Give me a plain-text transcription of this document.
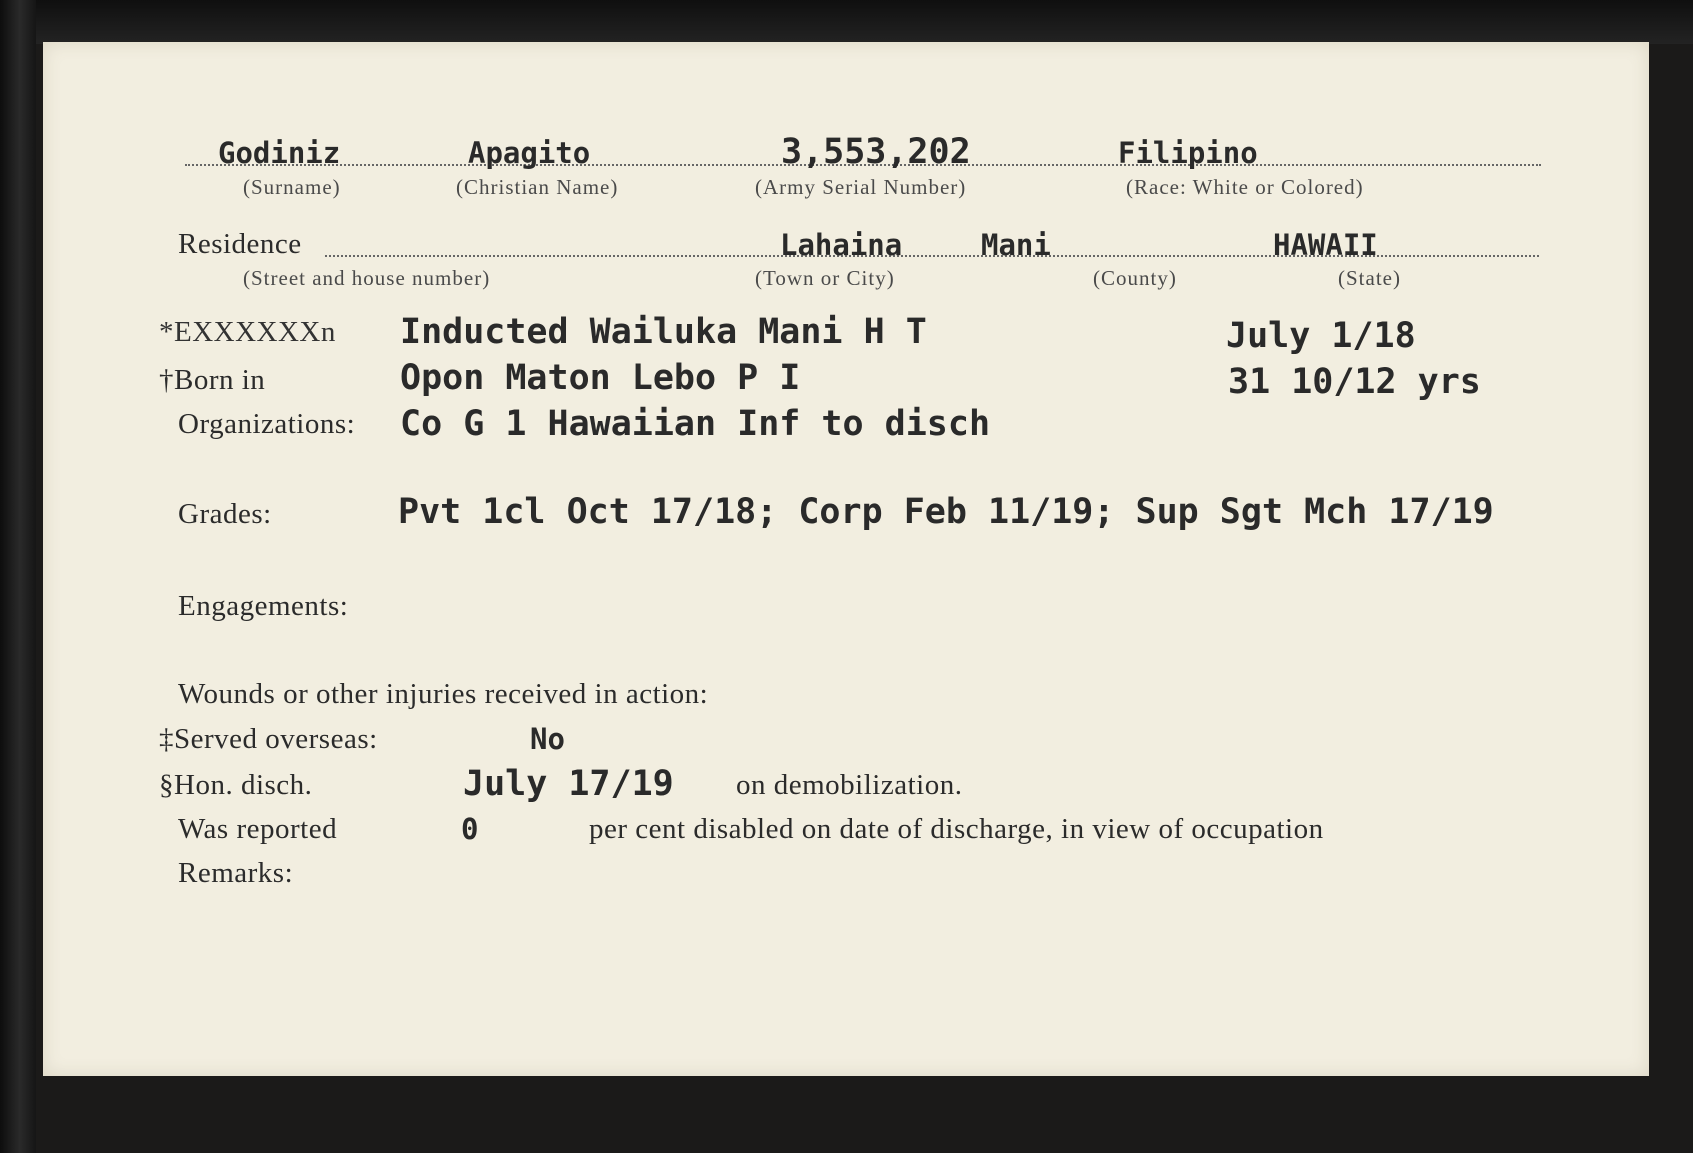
Godiniz	Apagito	3,553,202	Filipino
(Surname)	(Christian Name)	(Army Serial Number)	(Race: White or Colored)
Residence	Lahaina	Mani	HAWAII
(Street and house number)	(Town or City)	(County)	(State)
*EXXXXXXn Inducted Wailuka Mani H T	July 1/18
†Born in	Opon Maton Lebo P I	31 10/12 yrs
Organizations: Co G 1 Hawaiian Inf to disch
Grades:	Pvt 1cl Oct 17/18; Corp Feb 11/19; Sup Sgt Mch 17/19
Engagements:
Wounds or other injuries received in action:
‡Served overseas:	No
§Hon. disch.	July 17/19 on demobilization.
Was reported	0	per cent disabled on date of discharge, in view of occupation
Remarks:
